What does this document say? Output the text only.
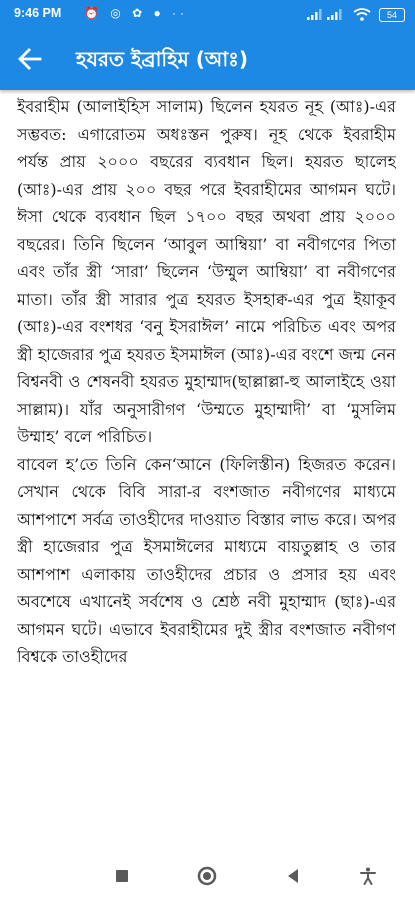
9:46 PM ⏰ ◎ ✿ ● ··	54
হযরত ইব্রাহিম (আঃ)

ইবরাহীম (আলাইহিস সালাম) ছিলেন হযরত নূহ (আঃ)-এর সম্ভবত: এগারোতম অধঃস্তন পুরুষ। নূহ থেকে ইবরাহীম পর্যন্ত প্রায় ২০০০ বছরের ব্যবধান ছিল। হযরত ছালেহ (আঃ)-এর প্রায় ২০০ বছর পরে ইবরাহীমের আগমন ঘটে। ঈসা থেকে ব্যবধান ছিল ১৭০০ বছর অথবা প্রায় ২০০০ বছরের। তিনি ছিলেন ‘আবুল আম্বিয়া’ বা নবীগণের পিতা এবং তাঁর স্ত্রী ‘সারা’ ছিলেন ‘উম্মুল আম্বিয়া’ বা নবীগণের মাতা। তাঁর স্ত্রী সারার পুত্র হযরত ইসহাক্ব-এর পুত্র ইয়াকূব (আঃ)-এর বংশধর ‘বনু ইসরাঈল’ নামে পরিচিত এবং অপর স্ত্রী হাজেরার পুত্র হযরত ইসমাঈল (আঃ)-এর বংশে জন্ম নেন বিশ্বনবী ও শেষনবী হযরত মুহাম্মাদ(ছাল্লাল্লা-হু আলাইহে ওয়া সাল্লাম)। যাঁর অনুসারীগণ ‘উম্মতে মুহাম্মাদী’ বা ‘মুসলিম উম্মাহ’ বলে পরিচিত।

বাবেল হ’তে তিনি কেন‘আনে (ফিলিস্তীন) হিজরত করেন। সেখান থেকে বিবি সারা-র বংশজাত নবীগণের মাধ্যমে আশপাশে সর্বত্র তাওহীদের দাওয়াত বিস্তার লাভ করে। অপর স্ত্রী হাজেরার পুত্র ইসমাঈলের মাধ্যমে বায়তুল্লাহ ও তার আশপাশ এলাকায় তাওহীদের প্রচার ও প্রসার হয় এবং অবশেষে এখানেই সর্বশেষ ও শ্রেষ্ঠ নবী মুহাম্মাদ (ছাঃ)-এর আগমন ঘটে। এভাবে ইবরাহীমের দুই স্ত্রীর বংশজাত নবীগণ বিশ্বকে তাওহীদের
